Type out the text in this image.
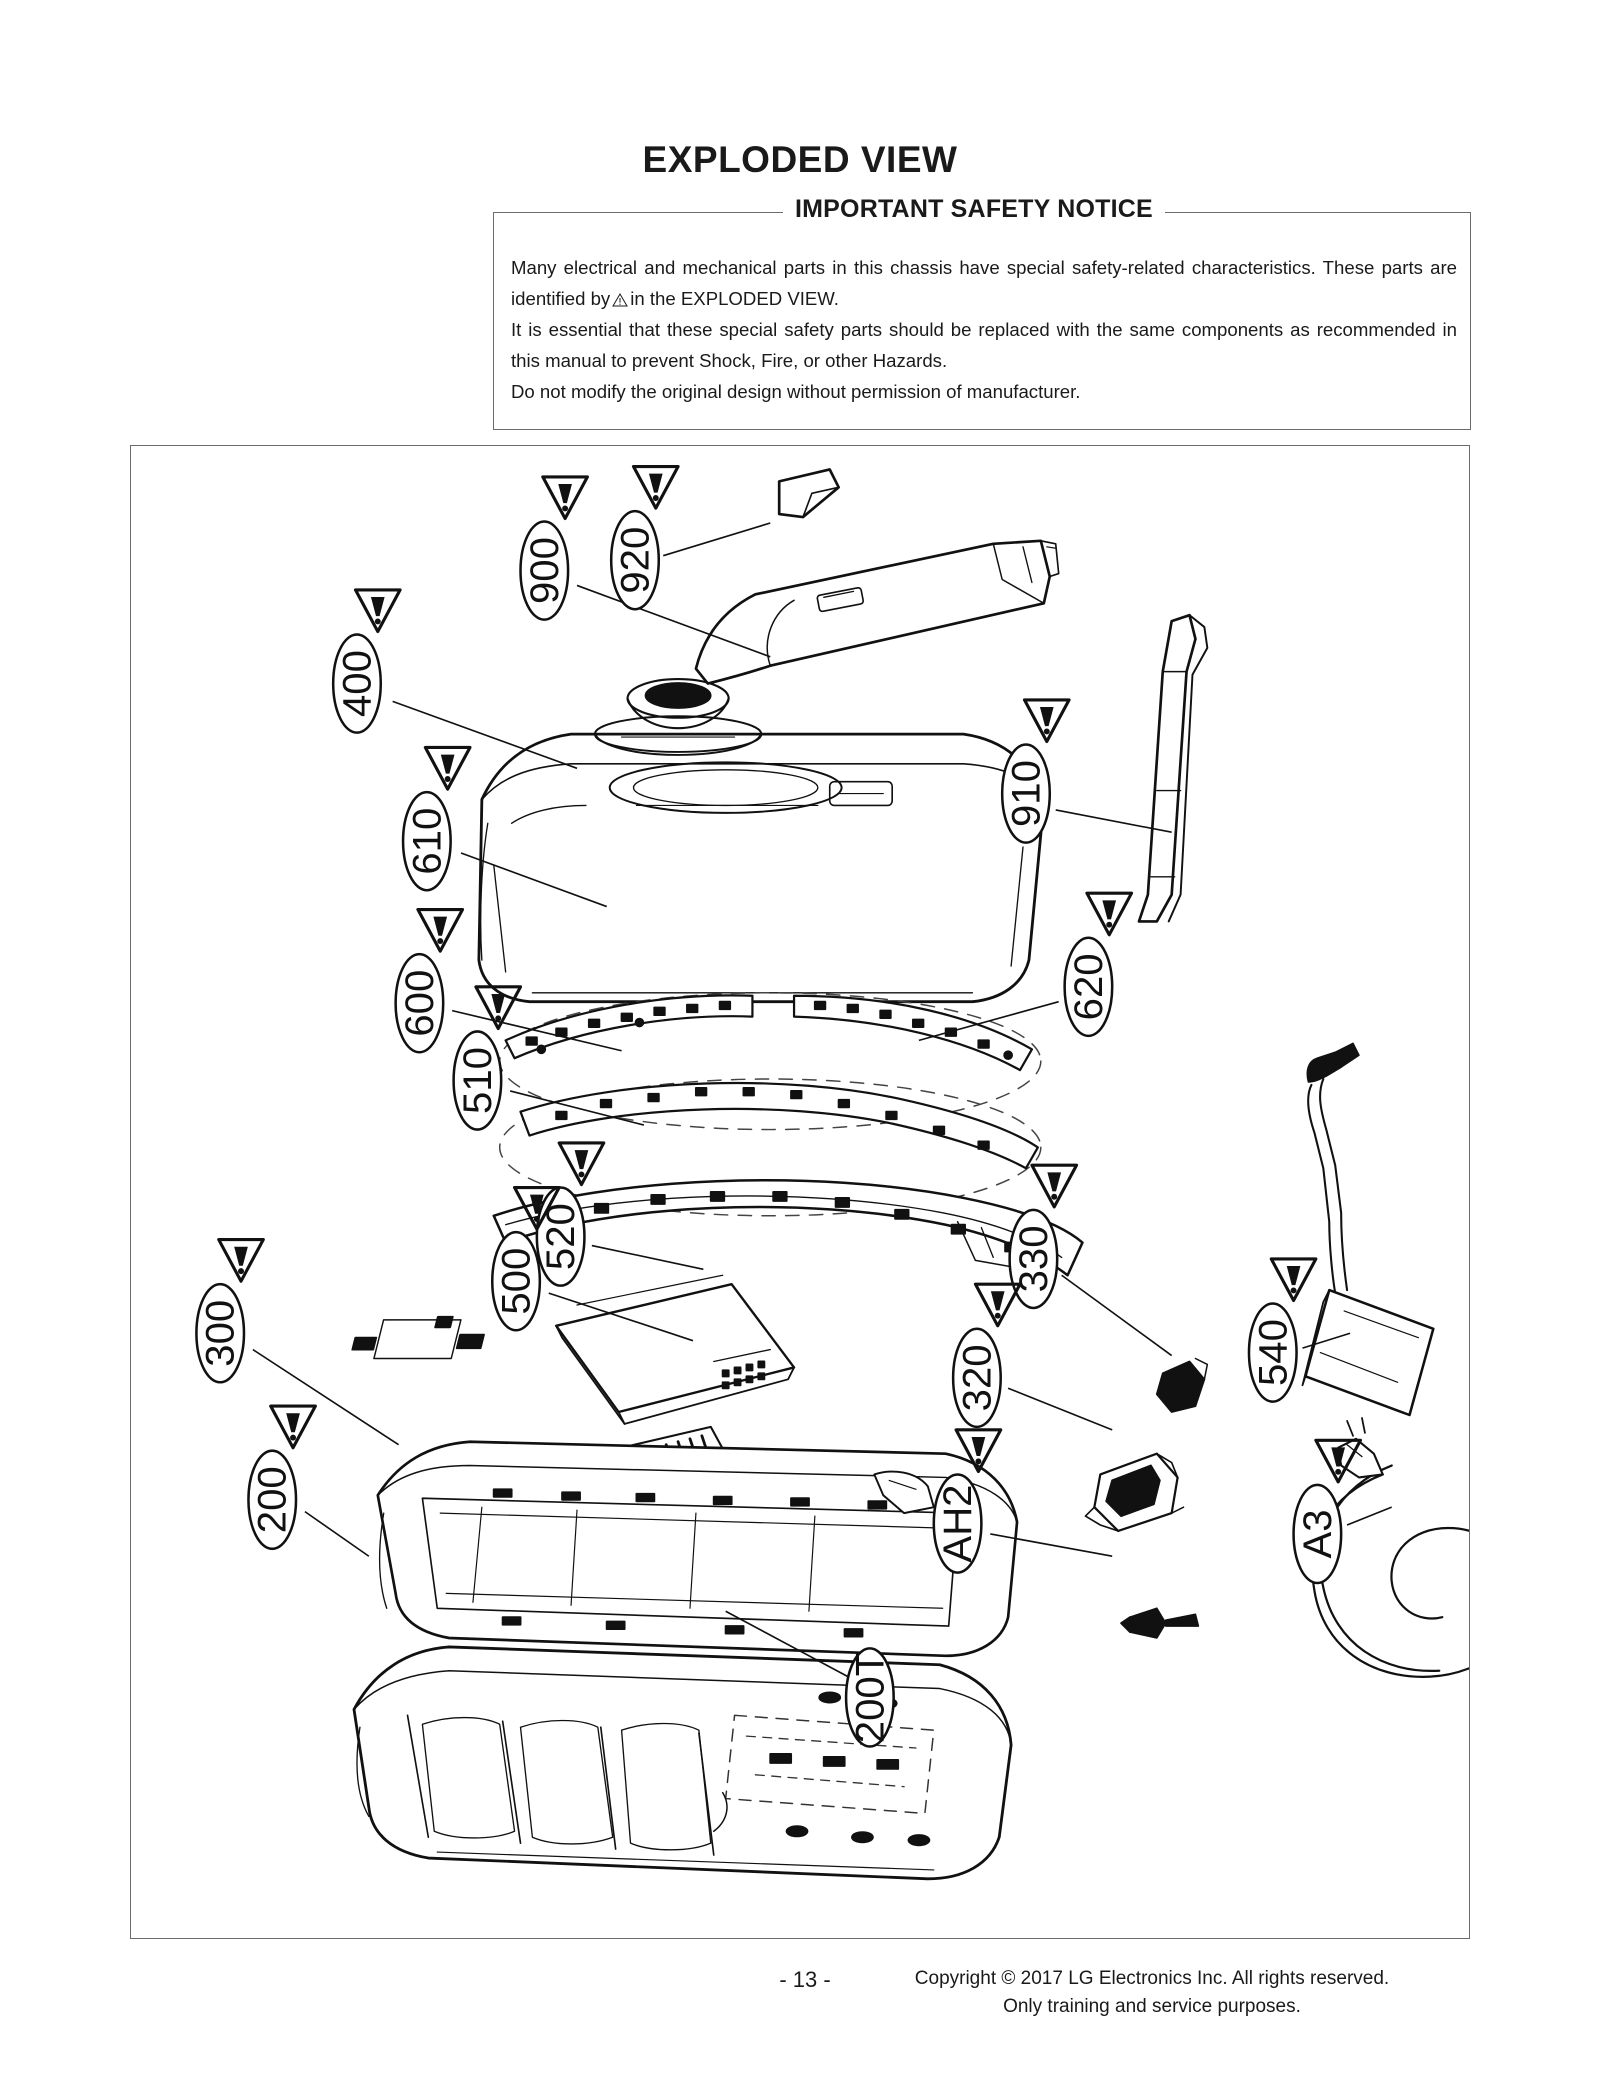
EXPLODED VIEW
IMPORTANT SAFETY NOTICE

Many electrical and mechanical parts in this chassis have special safety-related characteristics. These parts are identified by in the EXPLODED VIEW.

It is essential that these special safety parts should be replaced with the same components as recommended in this manual to prevent Shock, Fire, or other Hazards.

Do not modify the original design without permission of manufacturer.

900 920
400
910
610
600	620
510
520
500	330
320	540
300
200	AH2	A3
200T
- 13 -	Copyright © 2017 LG Electronics Inc. All rights reserved.
Only training and service purposes.
